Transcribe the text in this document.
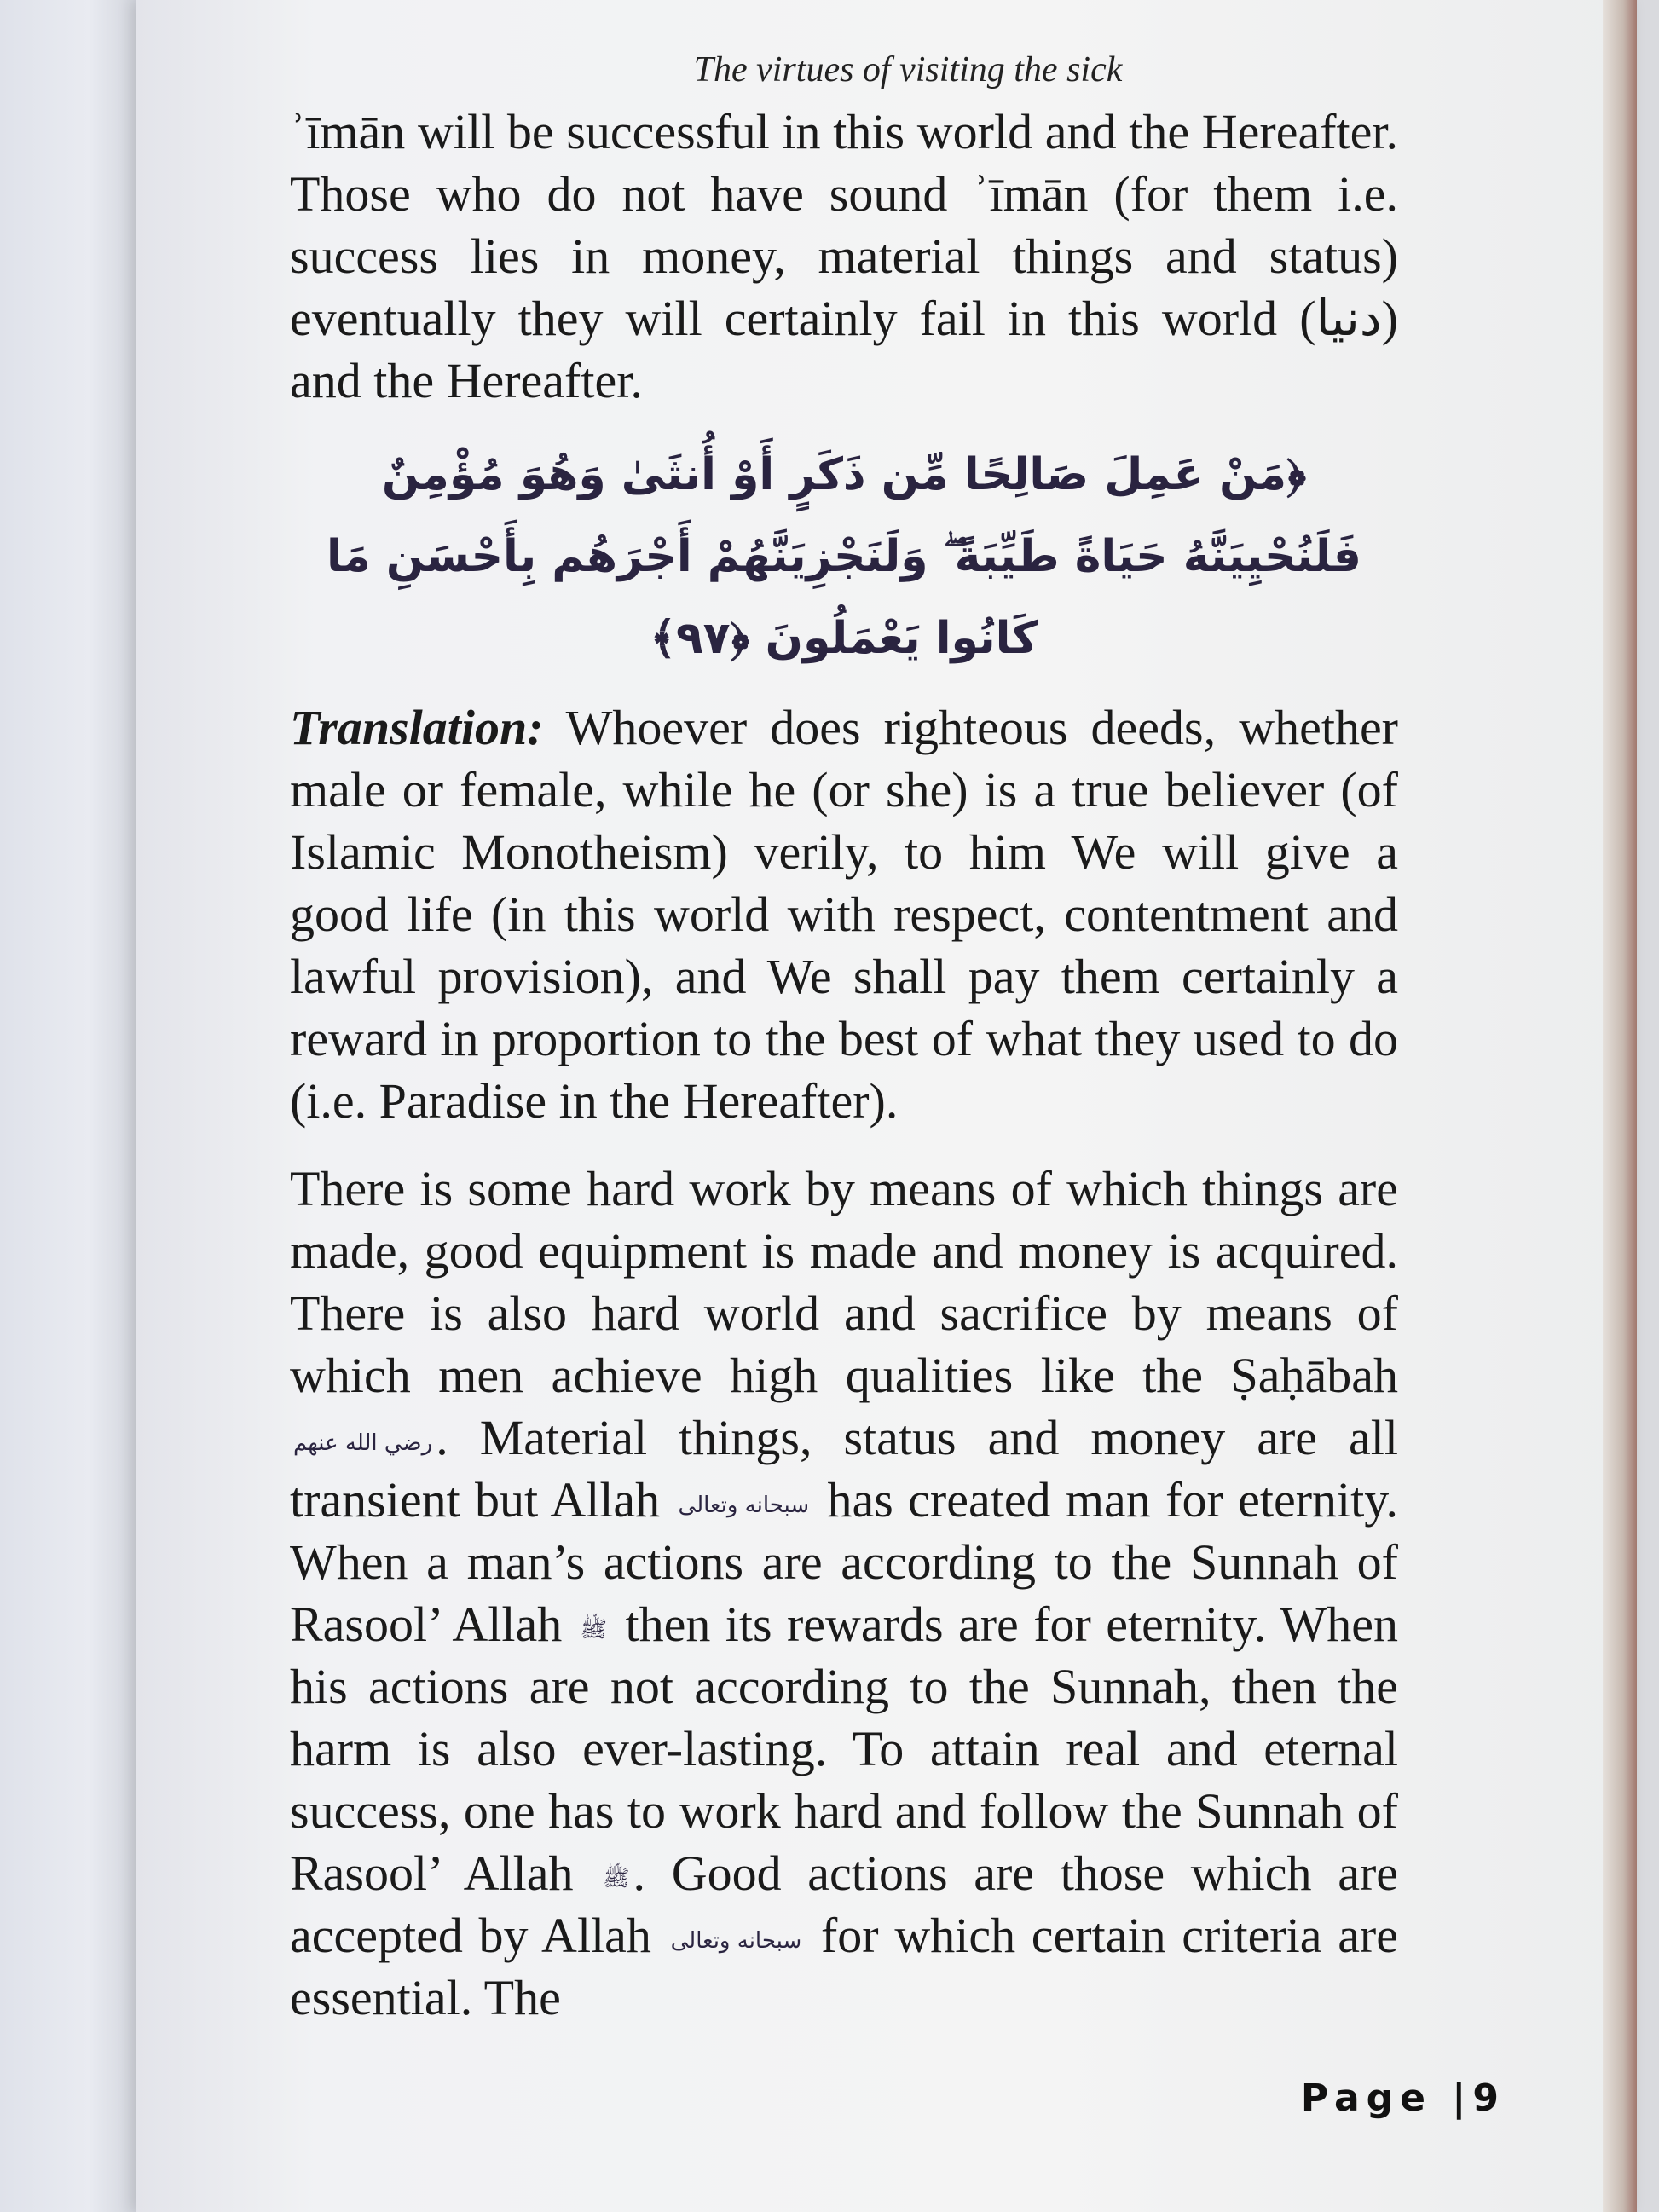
The virtues of visiting the sick

ʾīmān will be successful in this world and the Hereafter. Those who do not have sound ʾīmān (for them i.e. success lies in money, material things and status) eventually they will certainly fail in this world (دنیا) and the Hereafter.

﴿مَنْ عَمِلَ صَالِحًا مِّن ذَكَرٍ أَوْ أُنثَىٰ وَهُوَ مُؤْمِنٌ فَلَنُحْيِيَنَّهُ حَيَاةً طَيِّبَةً ۖ وَلَنَجْزِيَنَّهُمْ أَجْرَهُم بِأَحْسَنِ مَا كَانُوا يَعْمَلُونَ ﴿٩٧﴾

Translation: Whoever does righteous deeds, whether male or female, while he (or she) is a true believer (of Islamic Monotheism) verily, to him We will give a good life (in this world with respect, contentment and lawful provision), and We shall pay them certainly a reward in proportion to the best of what they used to do (i.e. Paradise in the Hereafter).

There is some hard work by means of which things are made, good equipment is made and money is acquired. There is also hard world and sacrifice by means of which men achieve high qualities like the Ṣaḥābah رضي الله عنهم. Material things, status and money are all transient but Allah سبحانه وتعالى has created man for eternity. When a man’s actions are according to the Sunnah of Rasool’ Allah ﷺ then its rewards are for eternity. When his actions are not according to the Sunnah, then the harm is also ever-lasting. To attain real and eternal success, one has to work hard and follow the Sunnah of Rasool’ Allah ﷺ. Good actions are those which are accepted by Allah سبحانه وتعالى for which certain criteria are essential. The

Page |9
